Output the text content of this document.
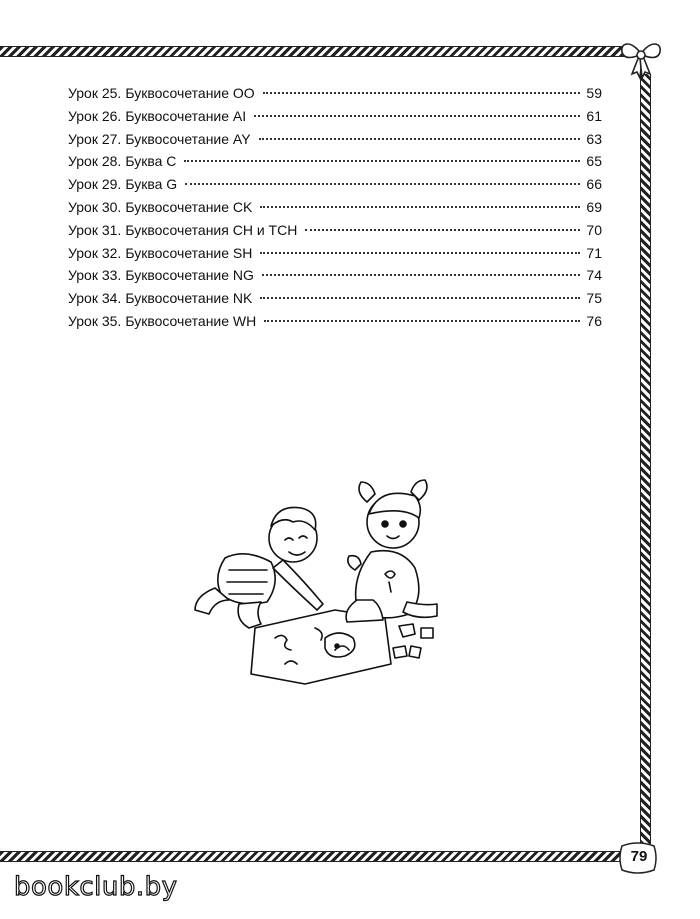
Урок 25. Буквосочетание OO	59
Урок 26. Буквосочетание AI	61
Урок 27. Буквосочетание AY	63
Урок 28. Буква C	65
Урок 29. Буква G	66
Урок 30. Буквосочетание CK	69
Урок 31. Буквосочетания CH и TCH	70
Урок 32. Буквосочетание SH	71
Урок 33. Буквосочетание NG	74
Урок 34. Буквосочетание NK	75
Урок 35. Буквосочетание WH	76
79
bookclub.by
